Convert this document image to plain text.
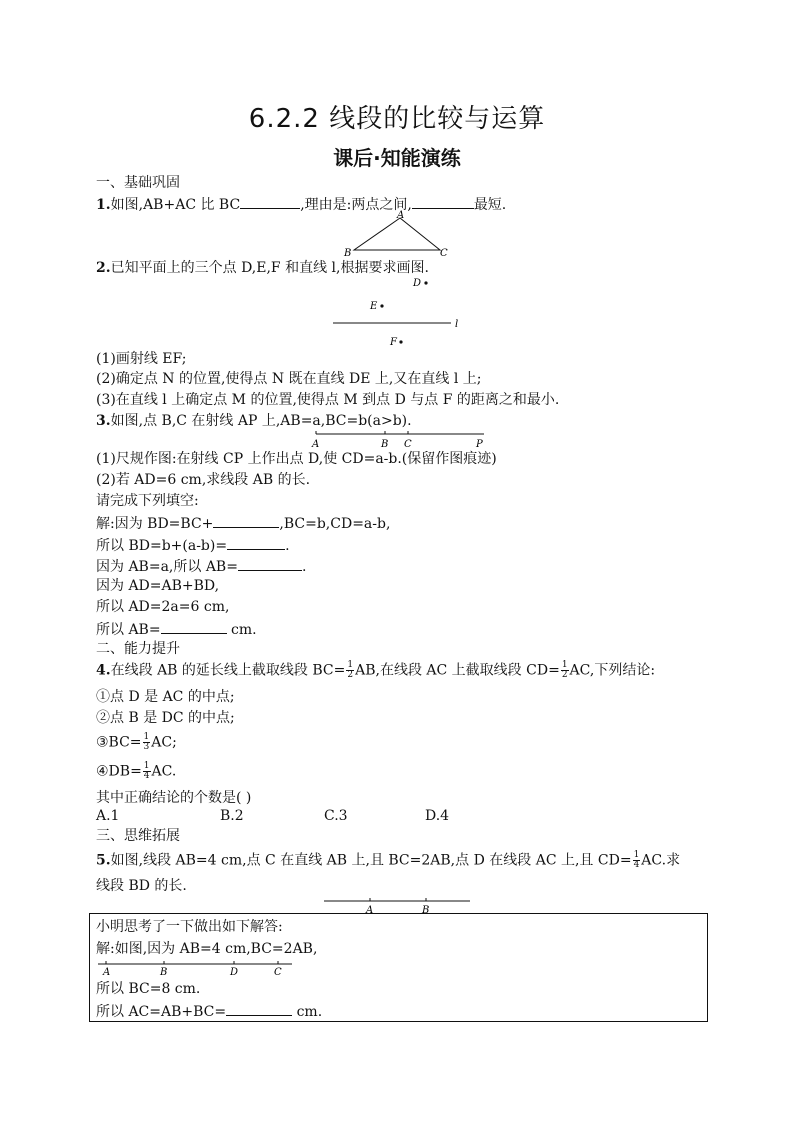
6.2.2 线段的比较与运算
课后·知能演练
一、基础巩固
1.如图,AB+AC 比 BC	,理由是:两点之间,	最短.
A
B	C
2.已知平面上的三个点 D,E,F 和直线 l,根据要求画图.
D
E
l
F
(1)画射线 EF;
(2)确定点 N 的位置,使得点 N 既在直线 DE 上,又在直线 l 上;
(3)在直线 l 上确定点 M 的位置,使得点 M 到点 D 与点 F 的距离之和最小.
3.如图,点 B,C 在射线 AP 上,AB=a,BC=b(a>b).
A	B C	P
(1)尺规作图:在射线 CP 上作出点 D,使 CD=a-b.(保留作图痕迹)
(2)若 AD=6 cm,求线段 AB 的长.
请完成下列填空:
解:因为 BD=BC+	,BC=b,CD=a-b,
所以 BD=b+(a-b)=	.
因为 AB=a,所以 AB=	.
因为 AD=AB+BD,
所以 AD=2a=6 cm,
所以 AB=	cm.
二、能力提升
4.在线段 AB 的延长线上截取线段 $BC= \frac{1}{2}$ AB,在线段 AC 上截取线段 $CD= \frac{1}{2}$ AC,下列结论:
①点 D 是 AC 的中点;
②点 B 是 DC 的中点;
③BC= $\frac{1}{3}$ AC;
④DB= $\frac{1}{4}$ AC.
其中正确结论的个数是( )
A.1	B.2	C.3	D.4
三、思维拓展
5.如图,线段 AB=4 cm,点 C 在直线 AB 上,且 BC=2AB,点 D 在线段 AC 上,且 $CD= \frac{1}{4}$ AC.求
线段 BD 的长.
A	B
小明思考了一下做出如下解答:
解:如图,因为 AB=4 cm,BC=2AB,
A	B	D	C
所以 BC=8 cm.
所以 AC=AB+BC=	cm.
